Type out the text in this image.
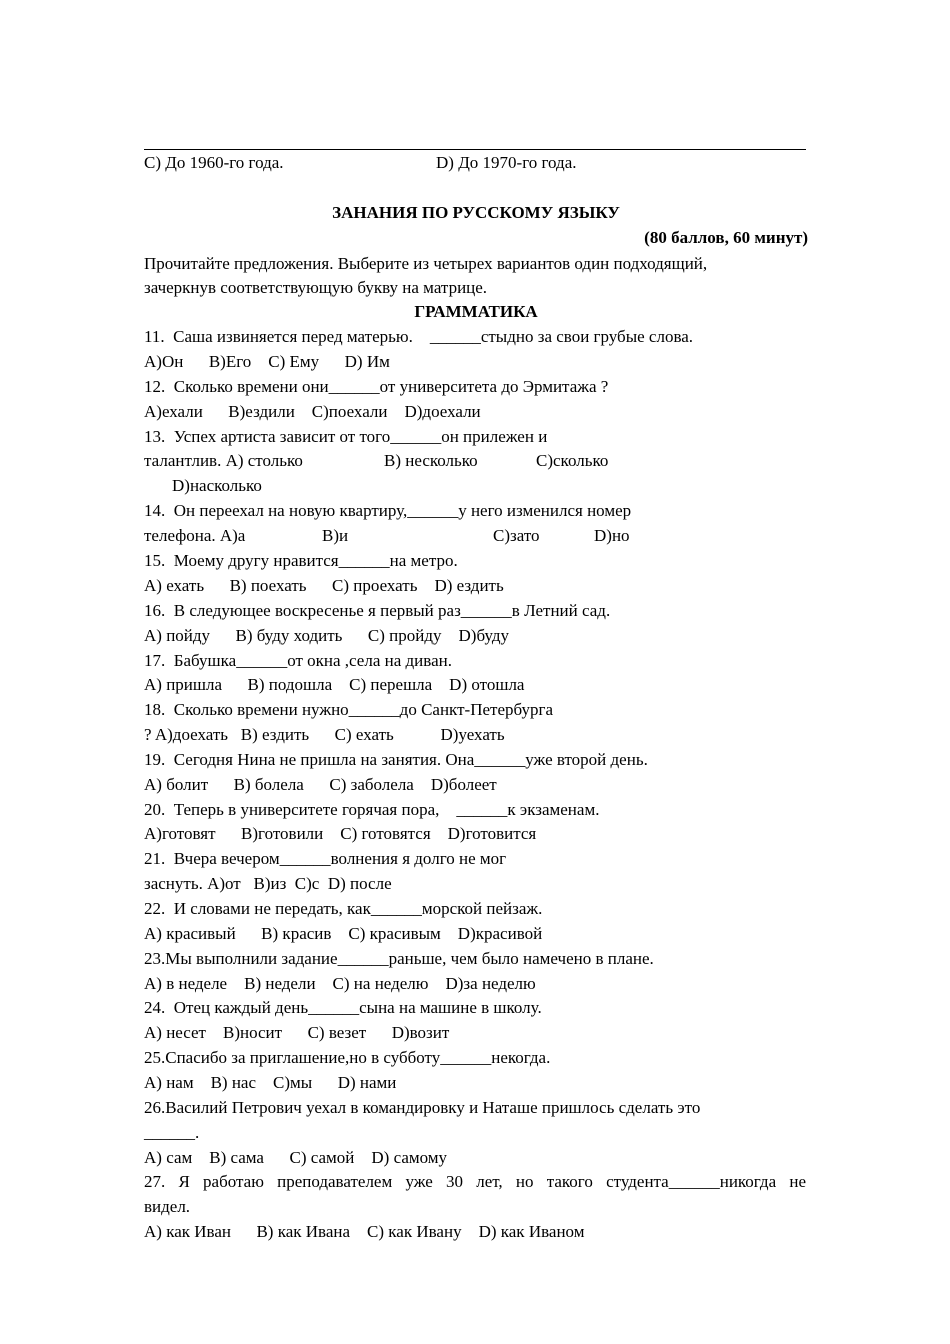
C) До 1960-го года.	D) До 1970-го года.
ЗАНАНИЯ ПО РУССКОМУ ЯЗЫКУ
(80 баллов, 60 минут)
Прочитайте предложения. Выберите из четырех вариантов один подходящий,
зачеркнув соответствующую букву на матрице.
ГРАММАТИКА
11.  Саша извиняется перед матерью.    ______стыдно за свои грубые слова.
A)Он      B)Его    C) Ему      D) Им
12.  Сколько времени они______от университета до Эрмитажа ?
A)ехали      B)ездили    C)поехали    D)доехали
13.  Успех артиста зависит от того______он прилежен и
талантлив. A) столько	B) несколько	C)сколько
D)насколько
14.  Он переехал на новую квартиру,______у него изменился номер
телефона. A)а	B)и	C)зато	D)но
15.  Моему другу нравится______на метро.
A) ехать      B) поехать      C) проехать    D) ездить
16.  В следующее воскресенье я первый раз______в Летний сад.
A) пойду      B) буду ходить      C) пройду    D)буду
17.  Бабушка______от окна ,села на диван.
A) пришла      B) подошла    C) перешла    D) отошла
18.  Сколько времени нужно______до Санкт-Петербурга
? A)доехать   B) ездить      C) ехать           D)уехать
19.  Сегодня Нина не пришла на занятия. Она______уже второй день.
A) болит      B) болела      C) заболела    D)болеет
20.  Теперь в университете горячая пора,    ______к экзаменам.
A)готовят      B)готовили    C) готовятся    D)готовится
21.  Вчера вечером______волнения я долго не мог
заснуть. A)от   B)из  C)с  D) после
22.  И словами не передать, как______морской пейзаж.
A) красивый      B) красив    C) красивым    D)красивой
23.Мы выполнили задание______раньше, чем было намечено в плане.
A) в неделе    B) недели    C) на неделю    D)за неделю
24.  Отец каждый день______сына на машине в школу.
A) несет    B)носит      C) везет      D)возит
25.Спасибо за приглашение,но в субботу______некогда.
A) нам    B) нас    C)мы      D) нами
26.Василий Петрович уехал в командировку и Наташе пришлось сделать это
______.
A) сам    B) сама      C) самой    D) самому
27. Я работаю преподавателем уже 30 лет, но такого студента______никогда не
видел.
A) как Иван      B) как Ивана    C) как Ивану    D) как Иваном
